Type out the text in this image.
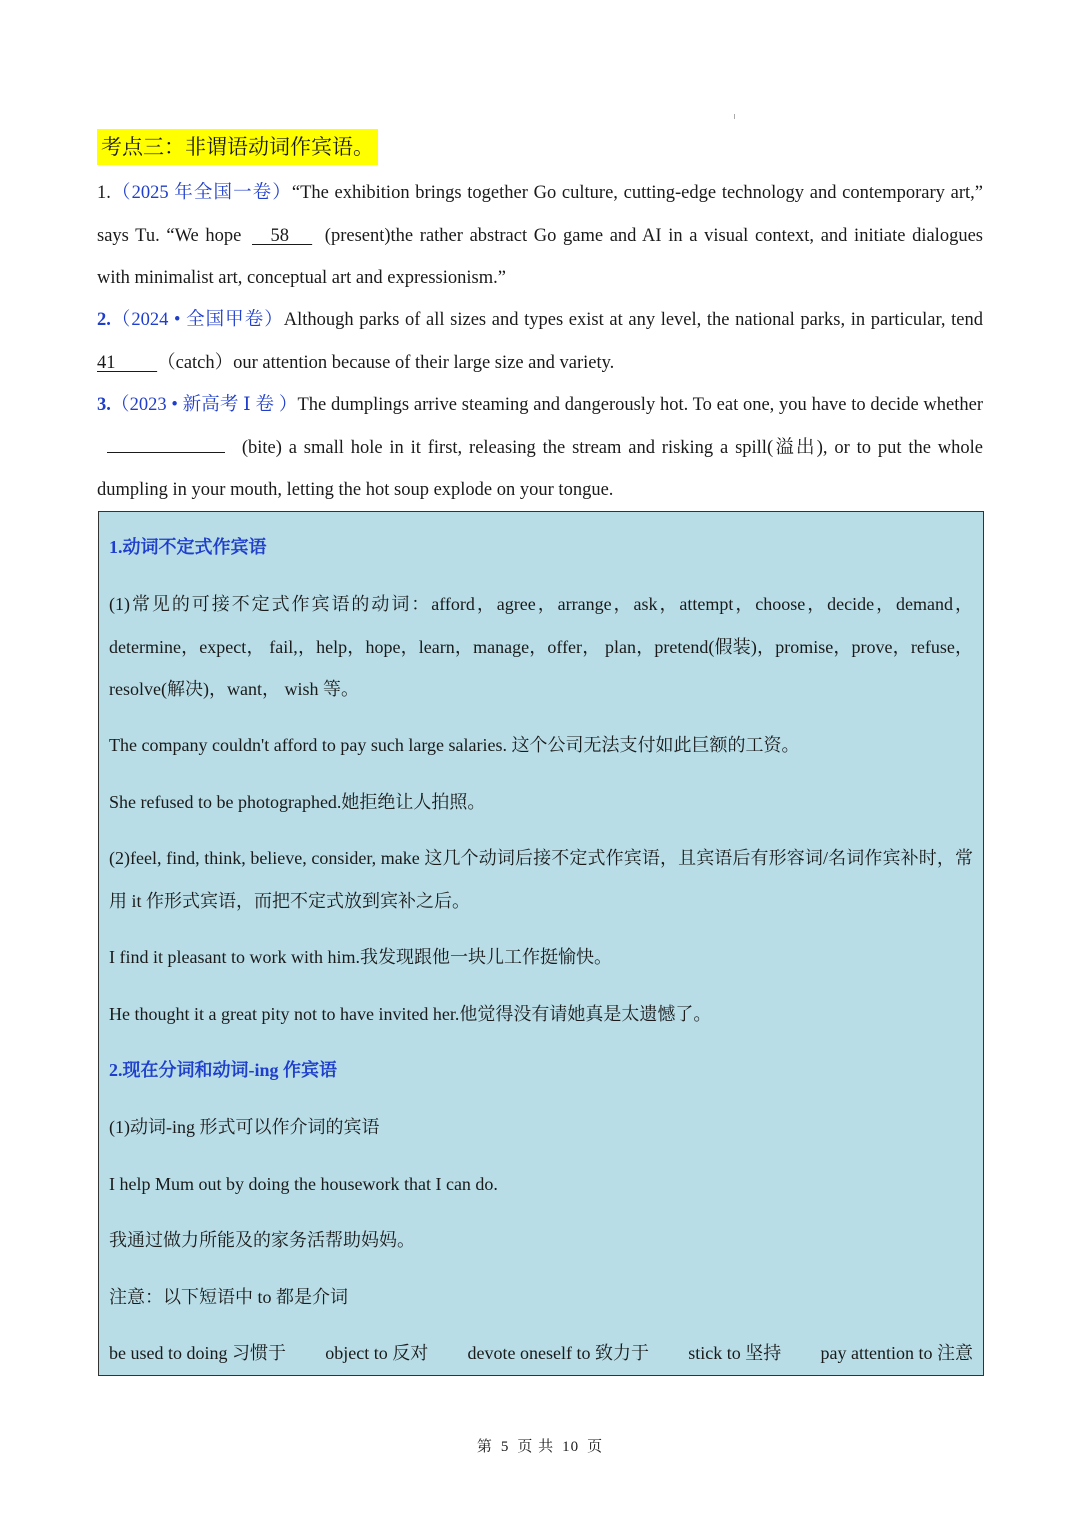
考点三：非谓语动词作宾语。
1.（2025 年全国一卷）“The exhibition brings together Go culture, cutting-edge technology and contemporary art,” says Tu. “We hope     58      (present)the rather abstract Go game and AI in a visual context, and initiate dialogues with minimalist art, conceptual art and expressionism.”
2.（2024 • 全国甲卷）Although parks of all sizes and types exist at any level, the national parks, in particular, tend 41 （catch）our attention because of their large size and variety.
3.（2023 • 新高考 Ⅰ 卷 ）The dumplings arrive steaming and dangerously hot. To eat one, you have to decide whether  (bite) a small hole in it first, releasing the stream and risking a spill(溢出), or to put the whole dumpling in your mouth, letting the hot soup explode on your tongue.
1.动词不定式作宾语
(1)常见的可接不定式作宾语的动词：afford，agree，arrange，ask，attempt，choose，decide，demand，determine，expect， fail,，help，hope，learn，manage，offer， plan，pretend(假装)，promise，prove，refuse，resolve(解决)，want， wish 等。
The company couldn't afford to pay such large salaries. 这个公司无法支付如此巨额的工资。
She refused to be photographed.她拒绝让人拍照。
(2)feel, find, think, believe, consider, make 这几个动词后接不定式作宾语，且宾语后有形容词/名词作宾补时，常用 it 作形式宾语，而把不定式放到宾补之后。
I find it pleasant to work with him.我发现跟他一块儿工作挺愉快。
He thought it a great pity not to have invited her.他觉得没有请她真是太遗憾了。
2.现在分词和动词-ing 作宾语
(1)动词-ing 形式可以作介词的宾语
I help Mum out by doing the housework that I can do.
我通过做力所能及的家务活帮助妈妈。
注意：以下短语中 to 都是介词
be used to doing 习惯于 object to 反对 devote oneself to 致力于 stick to 坚持 pay attention to 注意
第 5 页 共 10 页
